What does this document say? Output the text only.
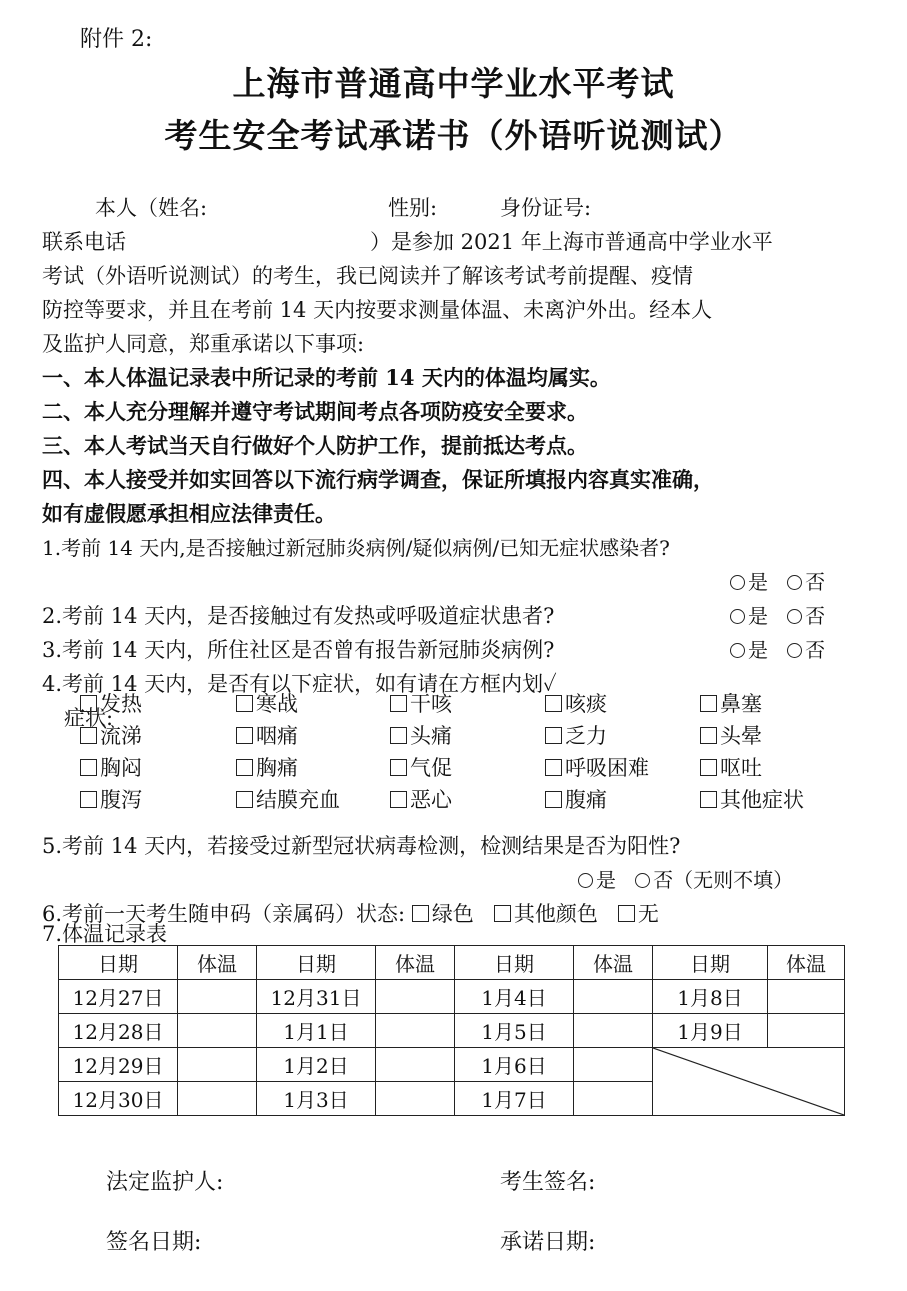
附件 2:
上海市普通高中学业水平考试
考生安全考试承诺书（外语听说测试）
本人（姓名:	性别:	身份证号:
联系电话	）是参加 2021 年上海市普通高中学业水平
考试（外语听说测试）的考生，我已阅读并了解该考试考前提醒、疫情
防控等要求，并且在考前 14 天内按要求测量体温、未离沪外出。经本人
及监护人同意，郑重承诺以下事项:
一、本人体温记录表中所记录的考前 14 天内的体温均属实。
二、本人充分理解并遵守考试期间考点各项防疫安全要求。
三、本人考试当天自行做好个人防护工作，提前抵达考点。
四、本人接受并如实回答以下流行病学调查，保证所填报内容真实准确，
如有虚假愿承担相应法律责任。
1.考前 14 天内,是否接触过新冠肺炎病例/疑似病例/已知无症状感染者?
是 否
2.考前 14 天内，是否接触过有发热或呼吸道症状患者?	是 否
3.考前 14 天内，所住社区是否曾有报告新冠肺炎病例?	是 否
4.考前 14 天内，是否有以下症状，如有请在方框内划✓
症状:
发热	寒战	干咳	咳痰	鼻塞
流涕	咽痛	头痛	乏力	头晕
胸闷	胸痛	气促	呼吸困难	呕吐
腹泻	结膜充血	恶心	腹痛	其他症状
5.考前 14 天内，若接受过新型冠状病毒检测，检测结果是否为阳性?
是 否（无则不填）
6.考前一天考生随申码（亲属码）状态: 绿色 其他颜色 无
7.体温记录表
日期	体温	日期	体温	日期	体温	日期	体温
12月27日		12月31日		1月4日		1月8日	
12月28日		1月1日		1月5日		1月9日	
12月29日		1月2日		1月6日		

12月30日		1月3日		1月7日			
法定监护人:	考生签名:
签名日期:	承诺日期:
